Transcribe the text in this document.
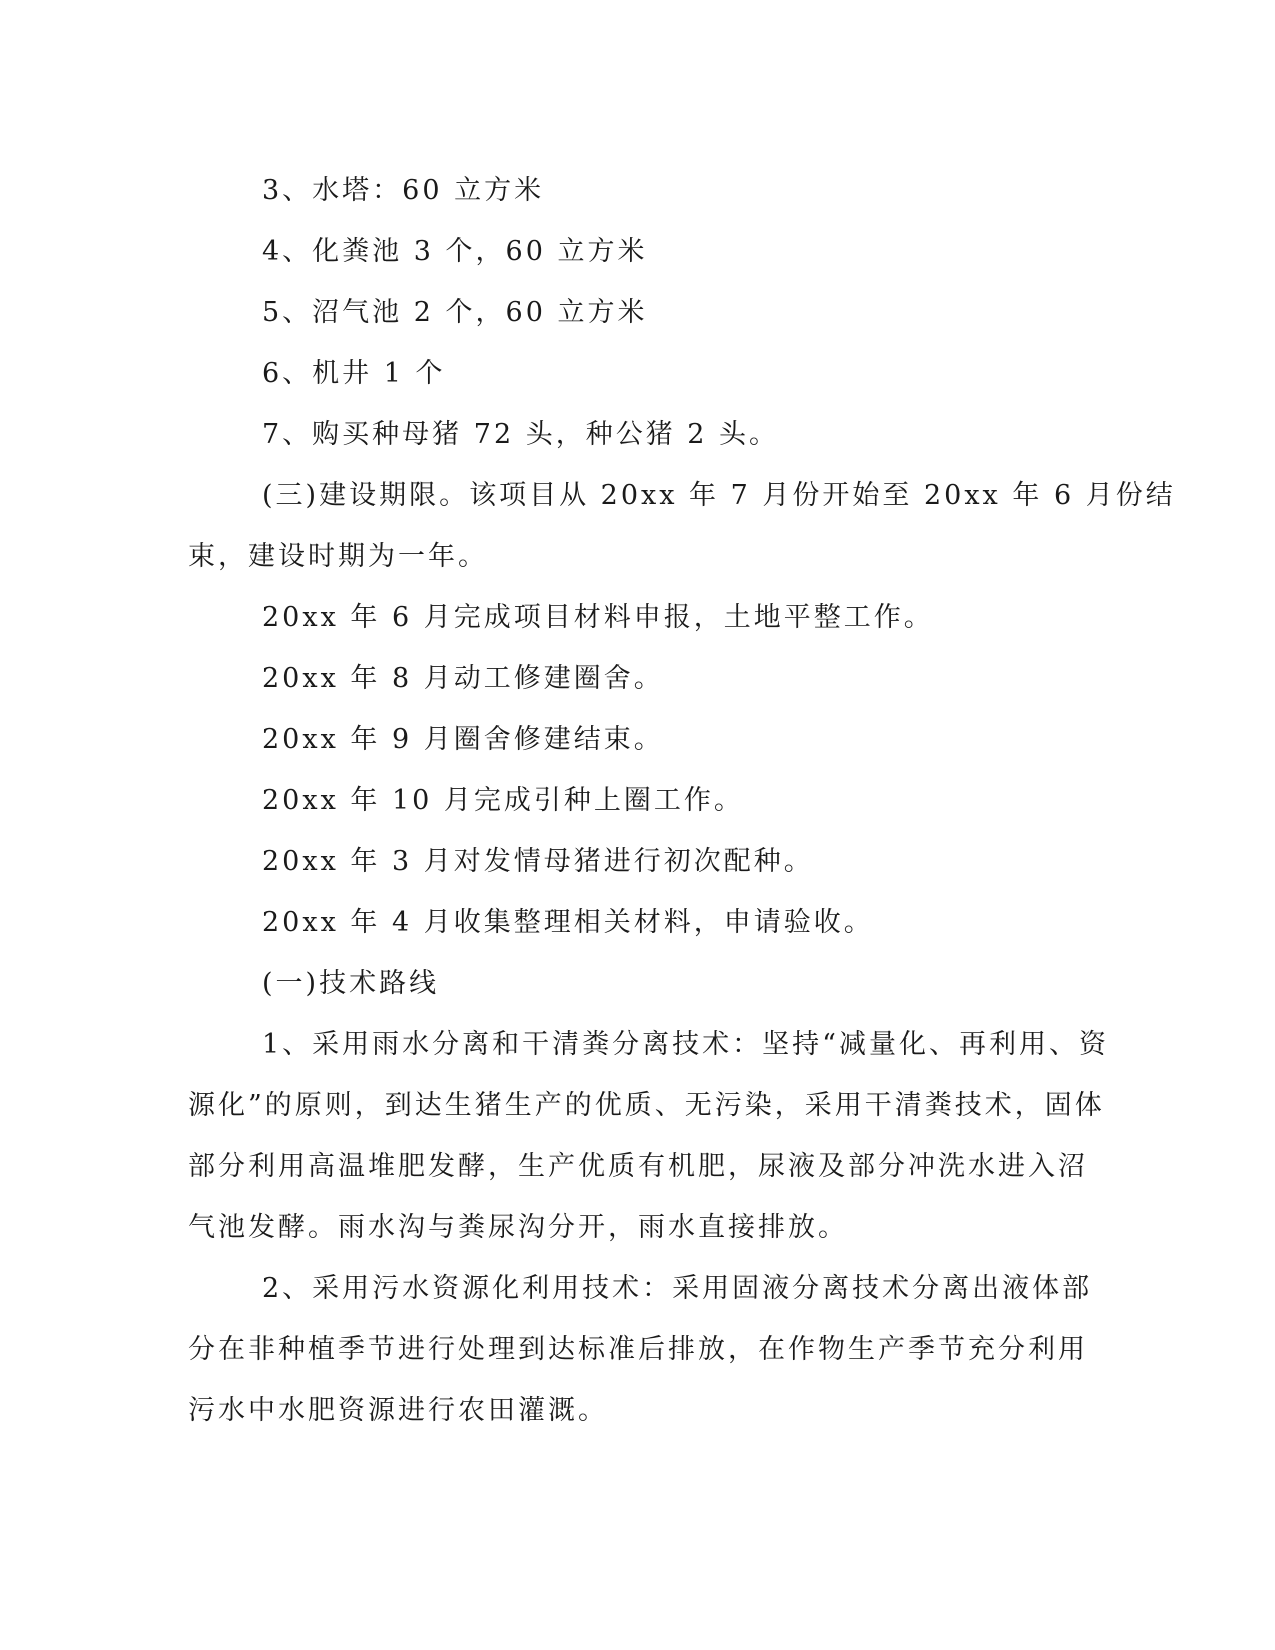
3、水塔：60 立方米
4、化粪池 3 个，60 立方米
5、沼气池 2 个，60 立方米
6、机井 1 个
7、购买种母猪 72 头，种公猪 2 头。
(三)建设期限。该项目从 20xx 年 7 月份开始至 20xx 年 6 月份结
束，建设时期为一年。
20xx 年 6 月完成项目材料申报，土地平整工作。
20xx 年 8 月动工修建圈舍。
20xx 年 9 月圈舍修建结束。
20xx 年 10 月完成引种上圈工作。
20xx 年 3 月对发情母猪进行初次配种。
20xx 年 4 月收集整理相关材料，申请验收。
(一)技术路线
1、采用雨水分离和干清粪分离技术：坚持“减量化、再利用、资
源化”的原则，到达生猪生产的优质、无污染，采用干清粪技术，固体
部分利用高温堆肥发酵，生产优质有机肥，尿液及部分冲洗水进入沼
气池发酵。雨水沟与粪尿沟分开，雨水直接排放。
2、采用污水资源化利用技术：采用固液分离技术分离出液体部
分在非种植季节进行处理到达标准后排放，在作物生产季节充分利用
污水中水肥资源进行农田灌溉。
